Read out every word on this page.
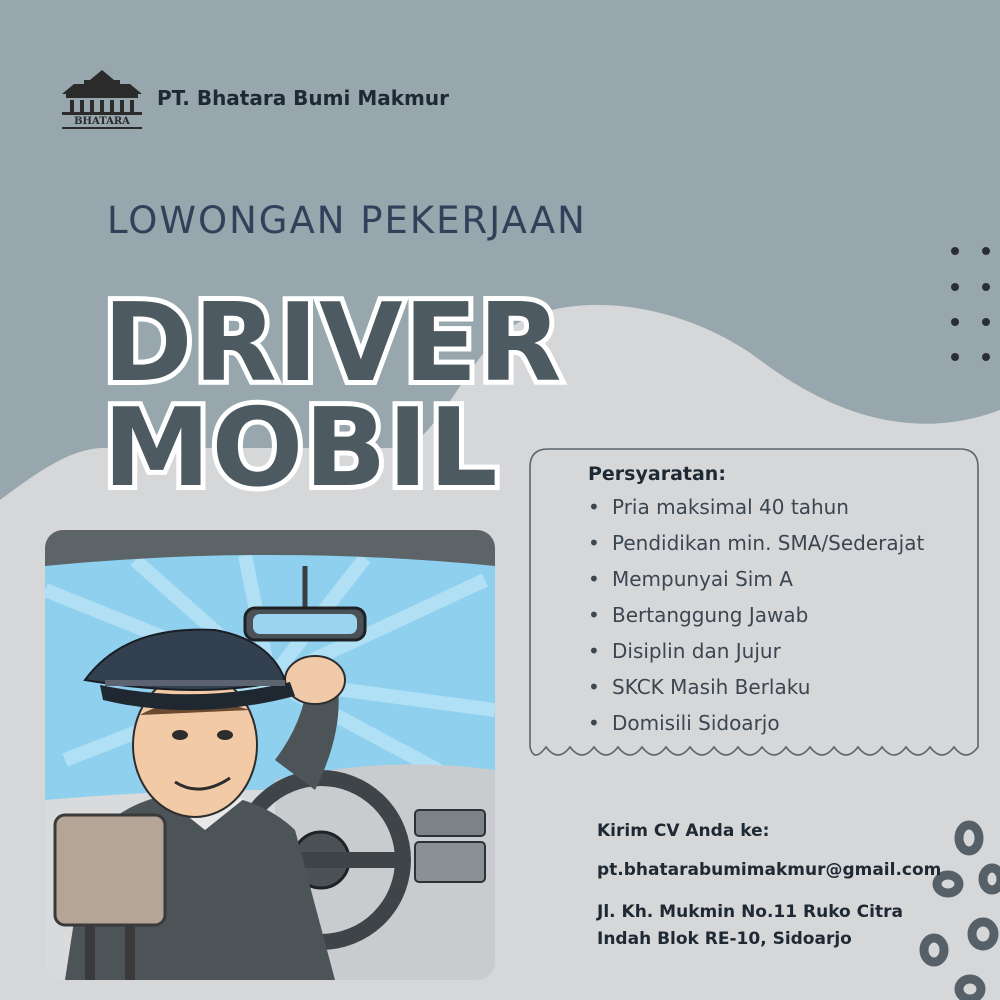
BHATARA
PT. Bhatara Bumi Makmur
LOWONGAN PEKERJAAN
DRIVER
MOBIL	Persyaratan:
• Pria maksimal 40 tahun
• Pendidikan min. SMA/Sederajat
• Mempunyai Sim A
• Bertanggung Jawab
• Disiplin dan Jujur
• SKCK Masih Berlaku
• Domisili Sidoarjo
Kirim CV Anda ke:
pt.bhatarabumimakmur@gmail.com
Jl. Kh. Mukmin No.11 Ruko Citra
Indah Blok RE-10, Sidoarjo
